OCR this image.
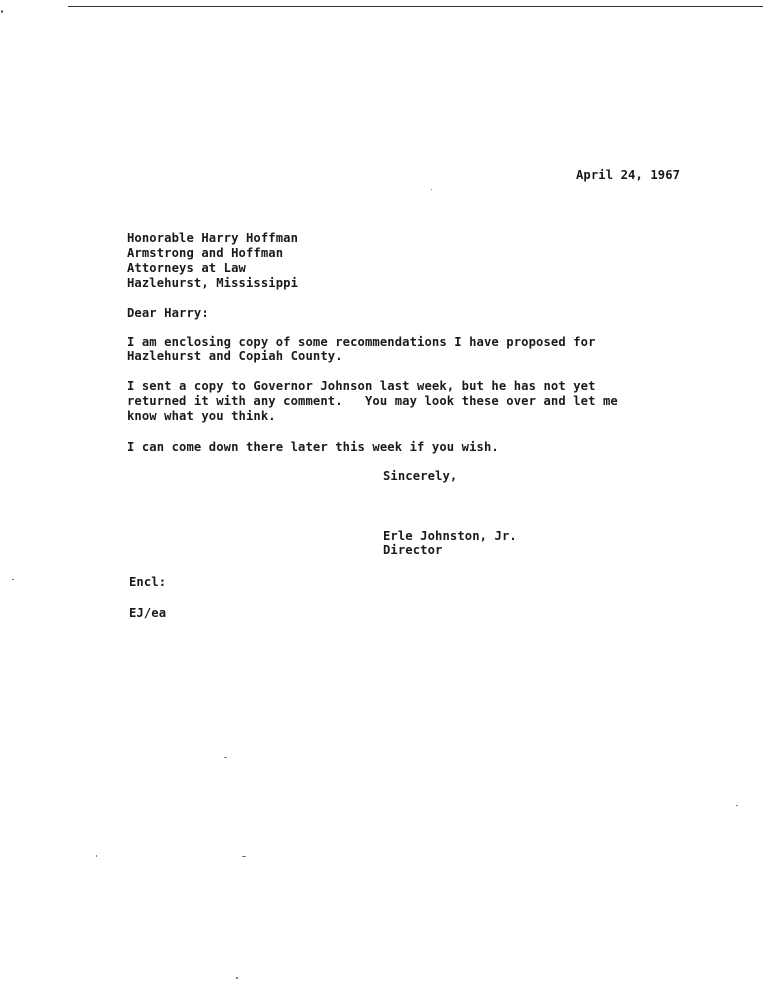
April 24, 1967
Honorable Harry Hoffman
Armstrong and Hoffman
Attorneys at Law
Hazlehurst, Mississippi
Dear Harry:
I am enclosing copy of some recommendations I have proposed for
Hazlehurst and Copiah County.
I sent a copy to Governor Johnson last week, but he has not yet
returned it with any comment.   You may look these over and let me
know what you think.
I can come down there later this week if you wish.
Sincerely,
Erle Johnston, Jr.
Director
Encl:
EJ/ea
